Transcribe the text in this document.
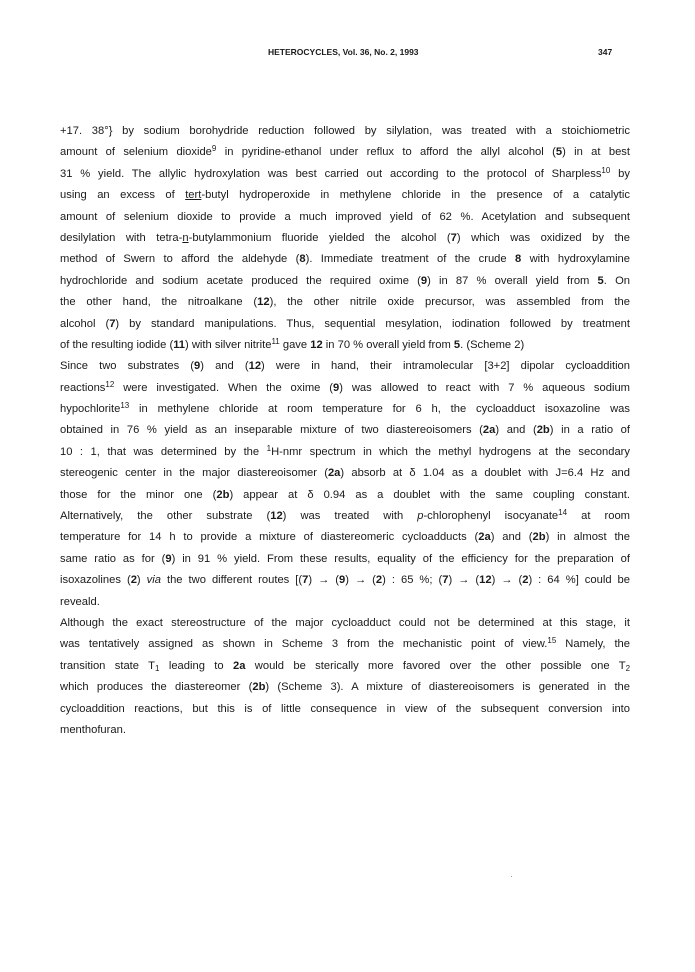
HETEROCYCLES, Vol. 36, No. 2, 1993	347
+17. 38°} by sodium borohydride reduction followed by silylation, was treated with a stoichiometric
amount of selenium dioxide$^9$ in pyridine-ethanol under reflux to afford the allyl alcohol (5) in at best
31 % yield. The allylic hydroxylation was best carried out according to the protocol of Sharpless$^{10}$ by
using an excess of tert-butyl hydroperoxide in methylene chloride in the presence of a catalytic
amount of selenium dioxide to provide a much improved yield of 62 %. Acetylation and subsequent
desilylation with tetra-n-butylammonium fluoride yielded the alcohol (7) which was oxidized by the
method of Swern to afford the aldehyde (8). Immediate treatment of the crude 8 with hydroxylamine
hydrochloride and sodium acetate produced the required oxime (9) in 87 % overall yield from 5. On
the other hand, the nitroalkane (12), the other nitrile oxide precursor, was assembled from the
alcohol (7) by standard manipulations. Thus, sequential mesylation, iodination followed by treatment
of the resulting iodide (11) with silver nitrite$^{11}$ gave 12 in 70 % overall yield from 5. (Scheme 2)
Since two substrates (9) and (12) were in hand, their intramolecular [3+2] dipolar cycloaddition
reactions$^{12}$ were investigated. When the oxime (9) was allowed to react with 7 % aqueous sodium
hypochlorite$^{13}$ in methylene chloride at room temperature for 6 h, the cycloadduct isoxazoline was
obtained in 76 % yield as an inseparable mixture of two diastereoisomers (2a) and (2b) in a ratio of
10 : 1, that was determined by the $^1$H-nmr spectrum in which the methyl hydrogens at the secondary
stereogenic center in the major diastereoisomer (2a) absorb at δ 1.04 as a doublet with J=6.4 Hz and
those for the minor one (2b) appear at δ 0.94 as a doublet with the same coupling constant.
Alternatively, the other substrate (12) was treated with p-chlorophenyl isocyanate$^{14}$ at room
temperature for 14 h to provide a mixture of diastereomeric cycloadducts (2a) and (2b) in almost the
same ratio as for (9) in 91 % yield. From these results, equality of the efficiency for the preparation of
isoxazolines (2) via the two different routes [(7) → (9) → (2) : 65 %; (7) → (12) → (2) : 64 %] could be
reveald.
Although the exact stereostructure of the major cycloadduct could not be determined at this stage, it
was tentatively assigned as shown in Scheme 3 from the mechanistic point of view.$^{15}$ Namely, the
transition state $T_1$ leading to 2a would be sterically more favored over the other possible one $T_2$
which produces the diastereomer (2b) (Scheme 3). A mixture of diastereoisomers is generated in the
cycloaddition reactions, but this is of little consequence in view of the subsequent conversion into
menthofuran.
